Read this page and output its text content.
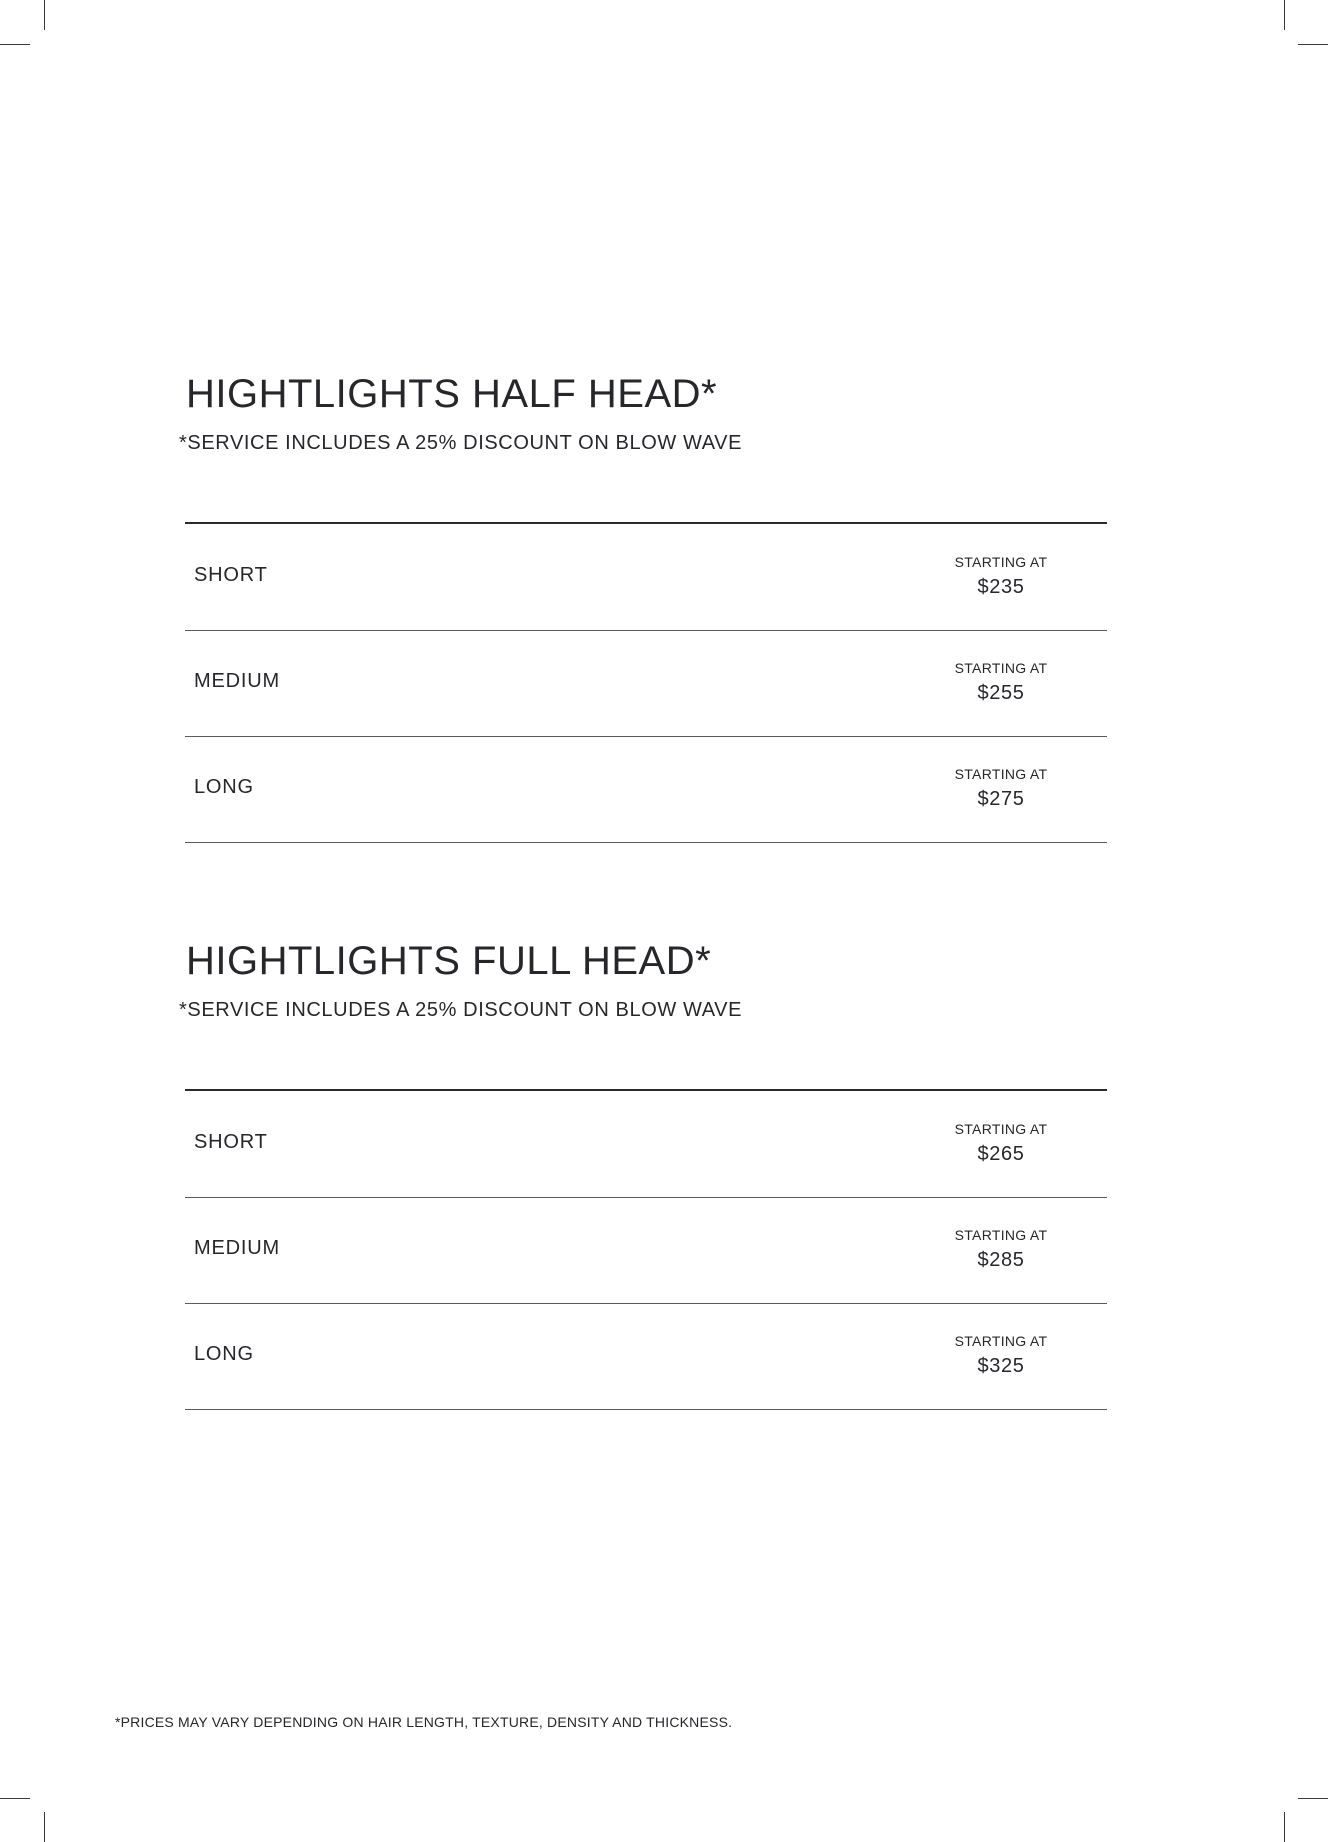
HIGHTLIGHTS HALF HEAD*

*SERVICE INCLUDES A 25% DISCOUNT ON BLOW WAVE

SHORT
STARTING AT
$235
MEDIUM
STARTING AT
$255
LONG
STARTING AT
$275
HIGHTLIGHTS FULL HEAD*

*SERVICE INCLUDES A 25% DISCOUNT ON BLOW WAVE

SHORT
STARTING AT
$265
MEDIUM
STARTING AT
$285
LONG
STARTING AT
$325
*PRICES MAY VARY DEPENDING ON HAIR LENGTH, TEXTURE, DENSITY AND THICKNESS.
